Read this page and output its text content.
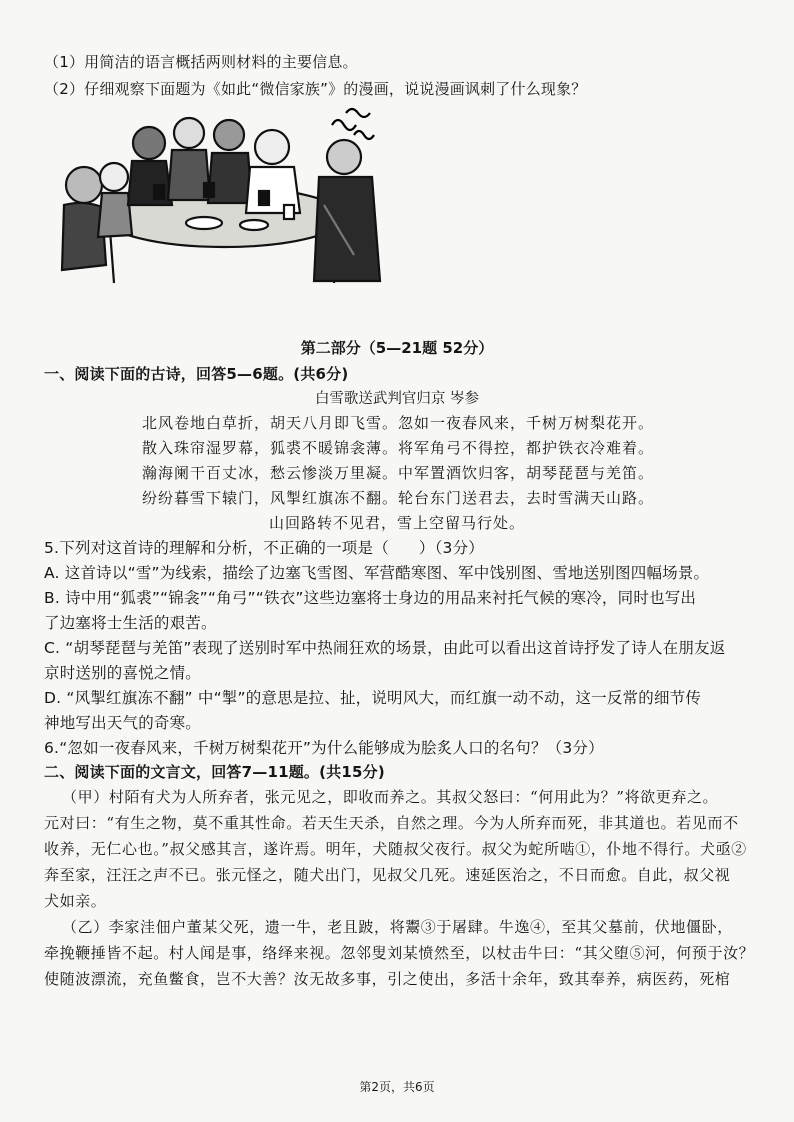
（1）用简洁的语言概括两则材料的主要信息。
（2）仔细观察下面题为《如此“微信家族”》的漫画，说说漫画讽刺了什么现象？
第二部分（5—21题 52分）
一、阅读下面的古诗，回答5—6题。(共6分)
白雪歌送武判官归京 岑参
北风卷地白草折，胡天八月即飞雪。忽如一夜春风来，千树万树梨花开。
散入珠帘湿罗幕，狐裘不暖锦衾薄。将军角弓不得控，都护铁衣冷难着。
瀚海阑干百丈冰，愁云惨淡万里凝。中军置酒饮归客，胡琴琵琶与羌笛。
纷纷暮雪下辕门，风掣红旗冻不翻。轮台东门送君去，去时雪满天山路。
山回路转不见君，雪上空留马行处。
5.下列对这首诗的理解和分析，不正确的一项是（ ）（3分）
A. 这首诗以“雪”为线索，描绘了边塞飞雪图、军营酷寒图、军中饯别图、雪地送别图四幅场景。
B. 诗中用“狐裘”“锦衾”“角弓”“铁衣”这些边塞将士身边的用品来衬托气候的寒冷，同时也写出
了边塞将士生活的艰苦。
C. “胡琴琵琶与羌笛”表现了送别时军中热闹狂欢的场景，由此可以看出这首诗抒发了诗人在朋友返
京时送别的喜悦之情。
D. “风掣红旗冻不翻” 中“掣”的意思是拉、扯，说明风大，而红旗一动不动，这一反常的细节传
神地写出天气的奇寒。
6.“忽如一夜春风来，千树万树梨花开”为什么能够成为脍炙人口的名句？（3分）
二、阅读下面的文言文，回答7—11题。(共15分)
（甲）村陌有犬为人所弃者，张元见之，即收而养之。其叔父怒曰：“何用此为？”将欲更弃之。
元对曰：“有生之物，莫不重其性命。若天生天杀，自然之理。今为人所弃而死，非其道也。若见而不
收养，无仁心也。”叔父感其言，遂许焉。明年，犬随叔父夜行。叔父为蛇所啮①，仆地不得行。犬亟②
奔至家，汪汪之声不已。张元怪之，随犬出门，见叔父几死。速延医治之，不日而愈。自此，叔父视
犬如亲。
（乙）李家洼佃户董某父死，遗一牛，老且跛，将鬻③于屠肆。牛逸④，至其父墓前，伏地僵卧，
牵挽鞭捶皆不起。村人闻是事，络绎来视。忽邻叟刘某愤然至，以杖击牛曰：“其父堕⑤河，何预于汝？
使随波漂流，充鱼鳖食，岂不大善？汝无故多事，引之使出，多活十余年，致其奉养，病医药，死棺
第2页，共6页
